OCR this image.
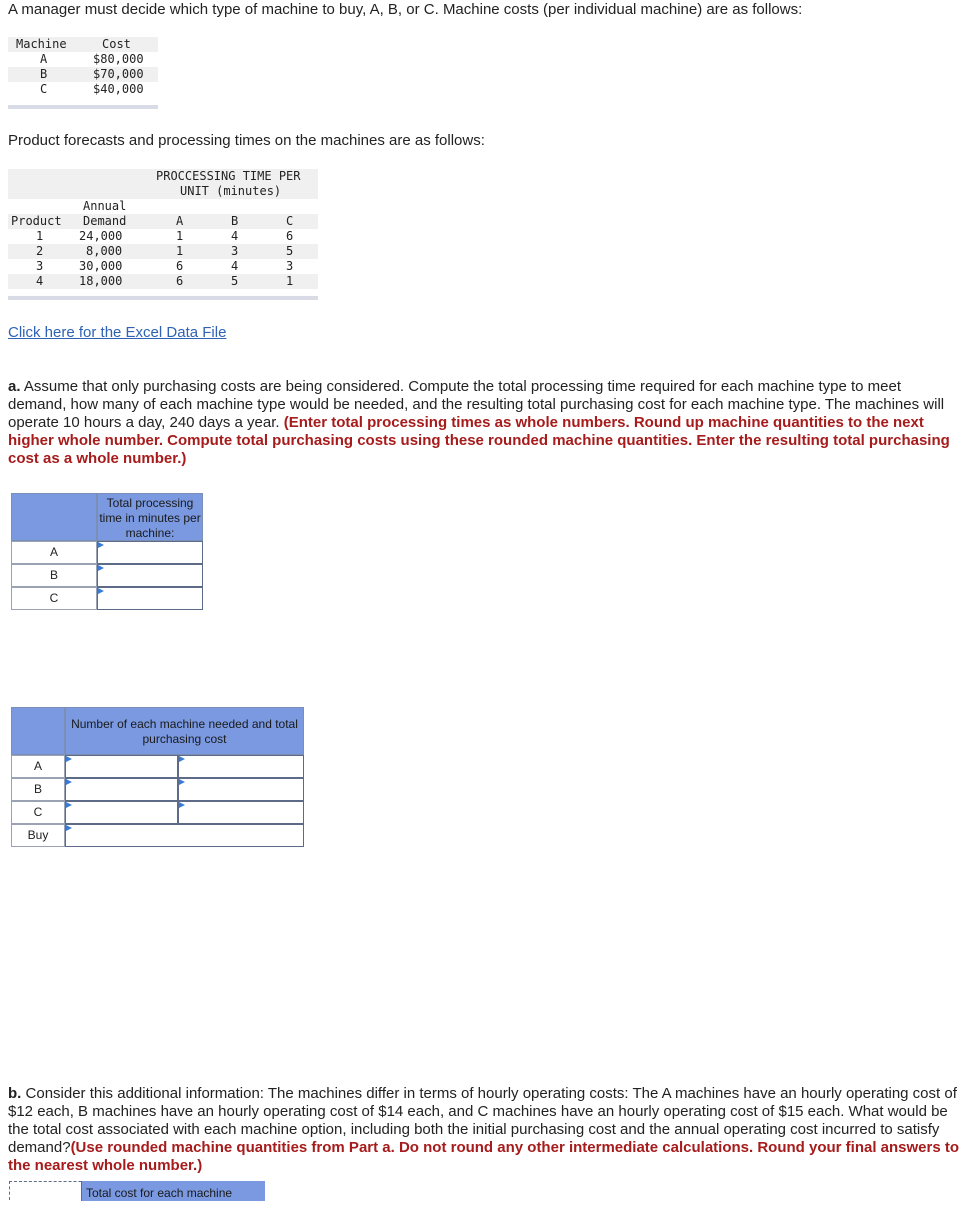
A manager must decide which type of machine to buy, A, B, or C. Machine costs (per individual machine) are as follows:
Machine	Cost
A	$80,000
B	$70,000
C	$40,000
Product forecasts and processing times on the machines are as follows:
PROCCESSING TIME PER
UNIT (minutes)
Annual
Product Demand	A	B	C
1	24,000	1	4	6
2	8,000	1	3	5
3	30,000	6	4	3
4	18,000	6	5	1
Click here for the Excel Data File
a. Assume that only purchasing costs are being considered. Compute the total processing time required for each machine type to meet demand, how many of each machine type would be needed, and the resulting total purchasing cost for each machine type. The machines will operate 10 hours a day, 240 days a year. (Enter total processing times as whole numbers. Round up machine quantities to the next higher whole number. Compute total purchasing costs using these rounded machine quantities. Enter the resulting total purchasing cost as a whole number.)
Total processing time in minutes per machine:
A
B
C
Number of each machine needed and total purchasing cost
A
B
C
Buy
b. Consider this additional information: The machines differ in terms of hourly operating costs: The A machines have an hourly operating cost of $12 each, B machines have an hourly operating cost of $14 each, and C machines have an hourly operating cost of $15 each. What would be the total cost associated with each machine option, including both the initial purchasing cost and the annual operating cost incurred to satisfy demand?(Use rounded machine quantities from Part a. Do not round any other intermediate calculations. Round your final answers to the nearest whole number.)
Total cost for each machine
